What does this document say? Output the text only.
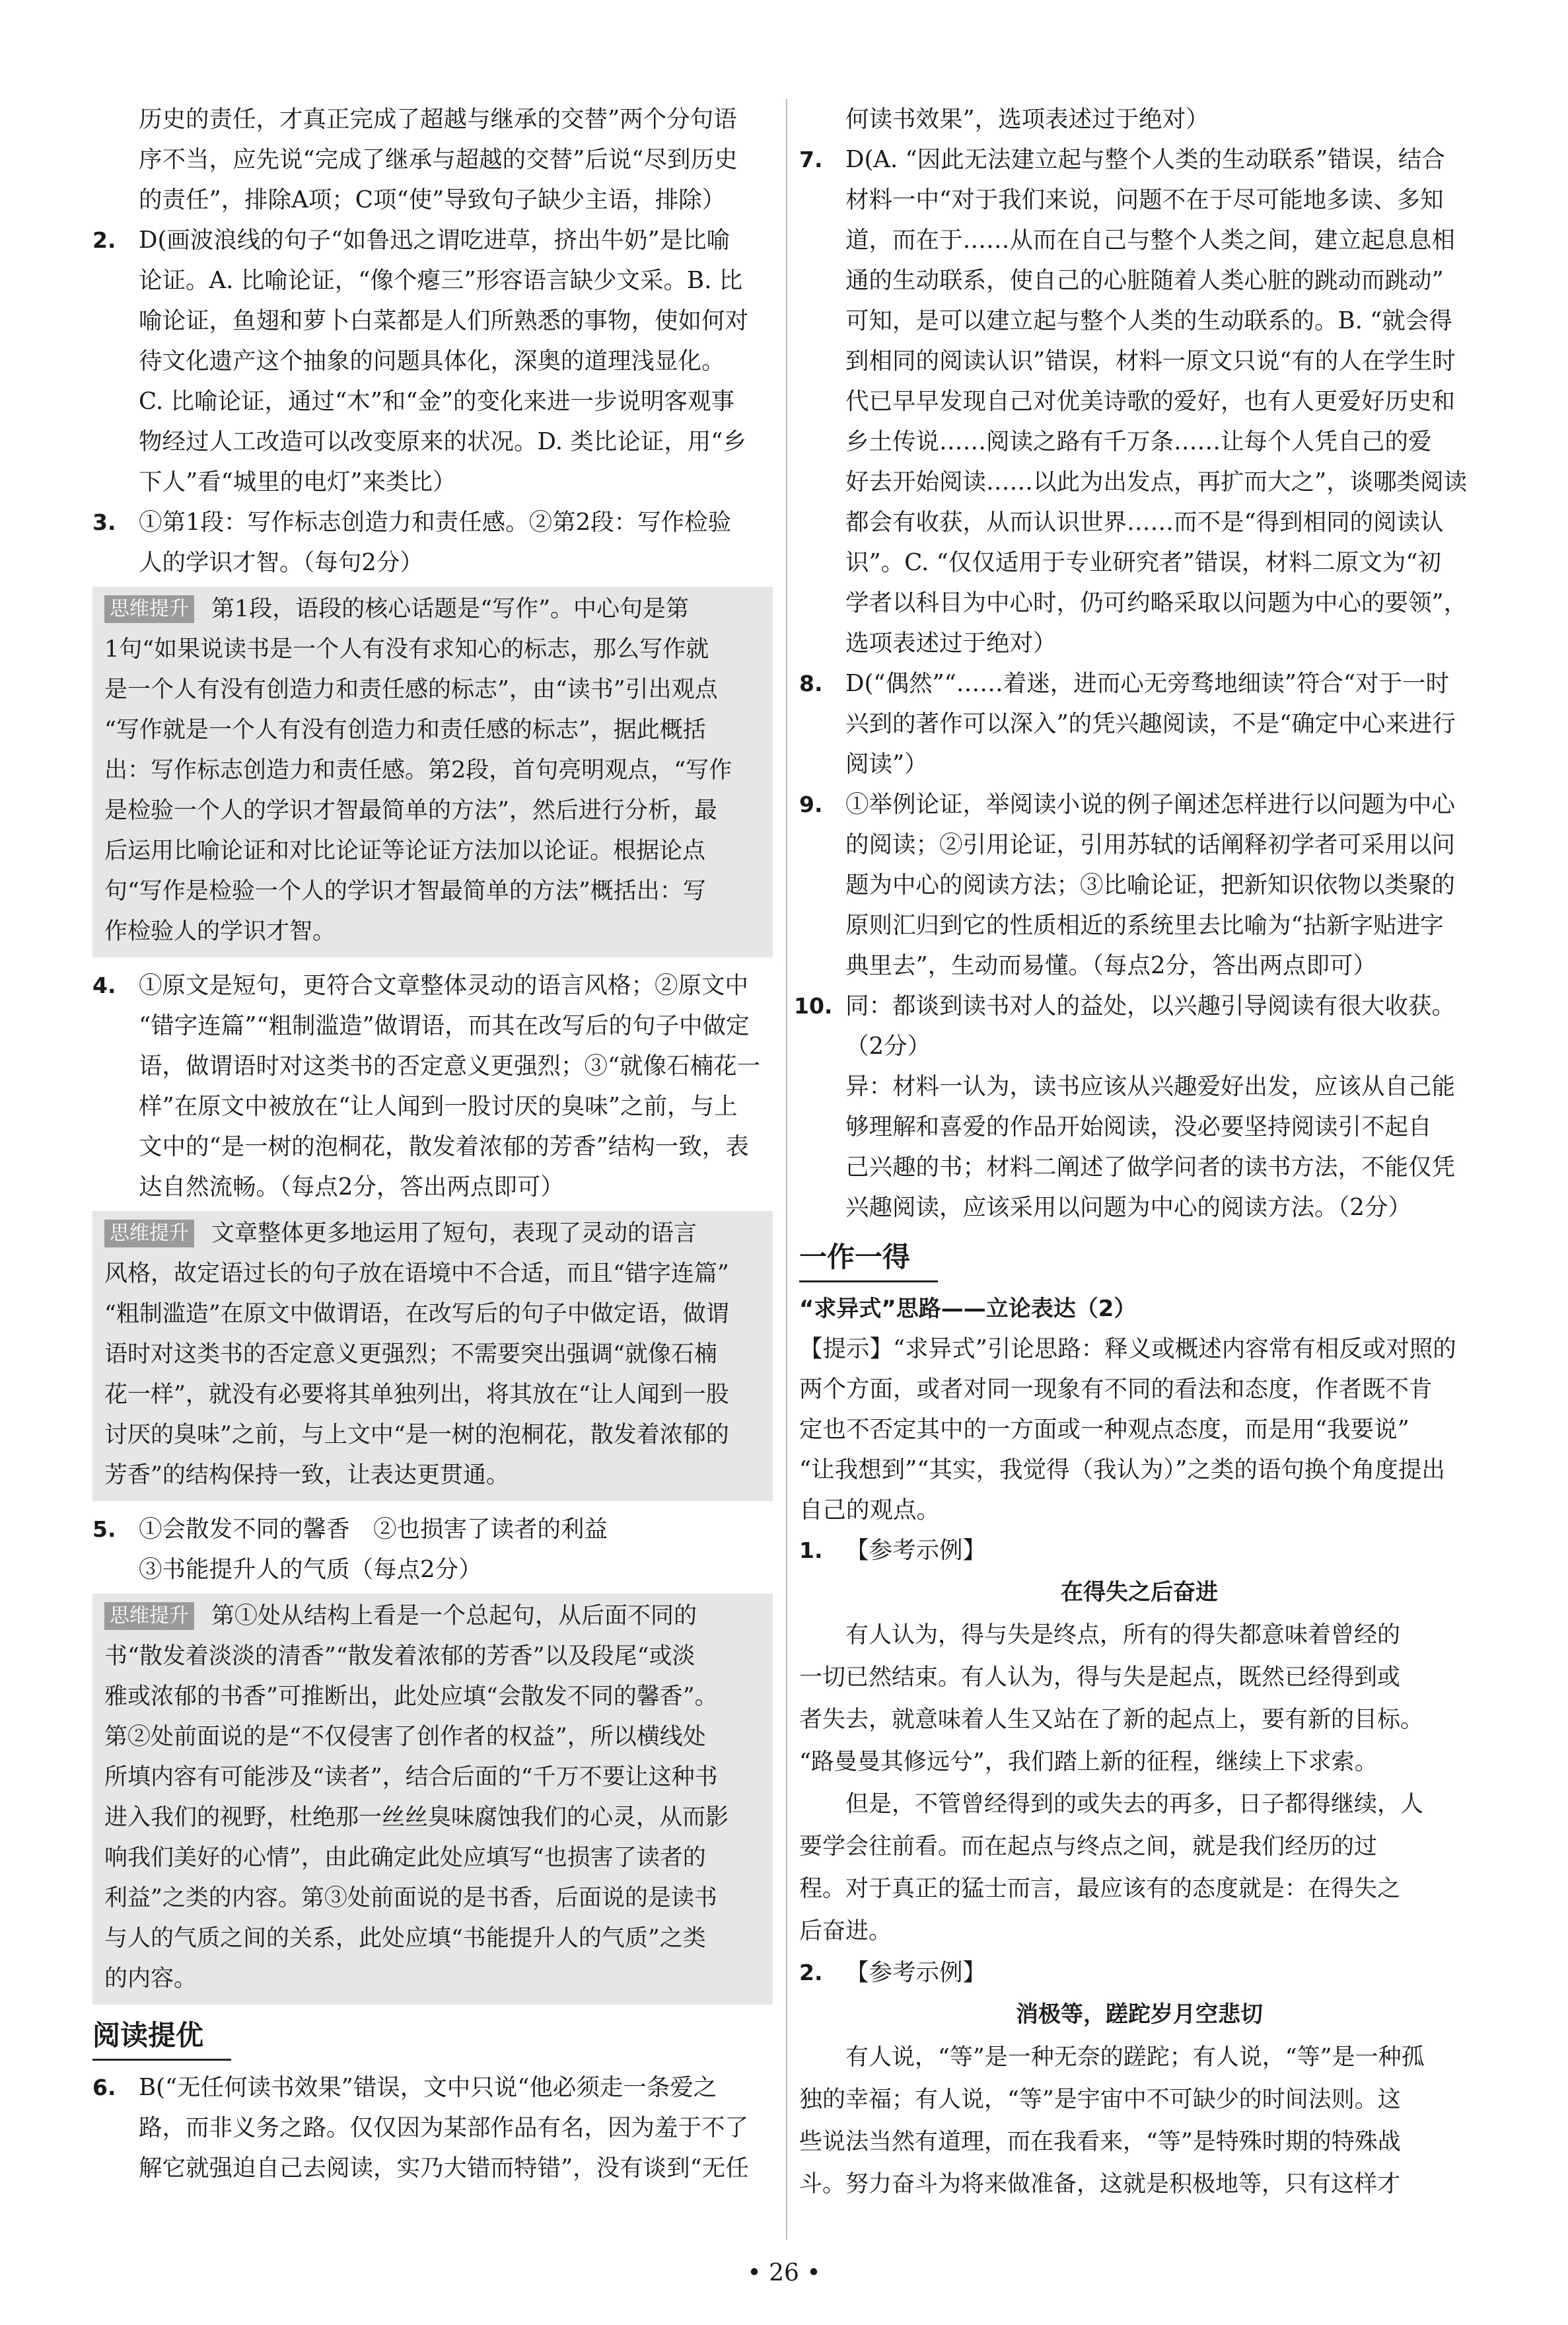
历史的责任，才真正完成了超越与继承的交替”两个分句语

序不当，应先说“完成了继承与超越的交替”后说“尽到历史

的责任”，排除A项；C项“使”导致句子缺少主语，排除）

2. D(画波浪线的句子“如鲁迅之谓吃进草，挤出牛奶”是比喻
论证。A. 比喻论证，“像个瘪三”形容语言缺少文采。B. 比
喻论证，鱼翅和萝卜白菜都是人们所熟悉的事物，使如何对
待文化遗产这个抽象的问题具体化，深奥的道理浅显化。
C. 比喻论证，通过“木”和“金”的变化来进一步说明客观事
物经过人工改造可以改变原来的状况。D. 类比论证，用“乡
下人”看“城里的电灯”来类比）
3. ①第1段：写作标志创造力和责任感。②第2段：写作检验
人的学识才智。（每句2分）
思维提升 第1段，语段的核心话题是“写作”。中心句是第

1句“如果说读书是一个人有没有求知心的标志，那么写作就

是一个人有没有创造力和责任感的标志”，由“读书”引出观点

“写作就是一个人有没有创造力和责任感的标志”，据此概括

出：写作标志创造力和责任感。第2段，首句亮明观点，“写作

是检验一个人的学识才智最简单的方法”，然后进行分析，最

后运用比喻论证和对比论证等论证方法加以论证。根据论点

句“写作是检验一个人的学识才智最简单的方法”概括出：写

作检验人的学识才智。

4. ①原文是短句，更符合文章整体灵动的语言风格；②原文中
“错字连篇”“粗制滥造”做谓语，而其在改写后的句子中做定
语，做谓语时对这类书的否定意义更强烈；③“就像石楠花一
样”在原文中被放在“让人闻到一股讨厌的臭味”之前，与上
文中的“是一树的泡桐花，散发着浓郁的芳香”结构一致，表
达自然流畅。（每点2分，答出两点即可）
思维提升 文章整体更多地运用了短句，表现了灵动的语言

风格，故定语过长的句子放在语境中不合适，而且“错字连篇”

“粗制滥造”在原文中做谓语，在改写后的句子中做定语，做谓

语时对这类书的否定意义更强烈；不需要突出强调“就像石楠

花一样”，就没有必要将其单独列出，将其放在“让人闻到一股

讨厌的臭味”之前，与上文中“是一树的泡桐花，散发着浓郁的

芳香”的结构保持一致，让表达更贯通。

5. ①会散发不同的馨香　②也损害了读者的利益
③书能提升人的气质（每点2分）
思维提升 第①处从结构上看是一个总起句，从后面不同的

书“散发着淡淡的清香”“散发着浓郁的芳香”以及段尾“或淡

雅或浓郁的书香”可推断出，此处应填“会散发不同的馨香”。

第②处前面说的是“不仅侵害了创作者的权益”，所以横线处

所填内容有可能涉及“读者”，结合后面的“千万不要让这种书

进入我们的视野，杜绝那一丝丝臭味腐蚀我们的心灵，从而影

响我们美好的心情”，由此确定此处应填写“也损害了读者的

利益”之类的内容。第③处前面说的是书香，后面说的是读书

与人的气质之间的关系，此处应填“书能提升人的气质”之类

的内容。

阅读提优
6. B(“无任何读书效果”错误，文中只说“他必须走一条爱之
路，而非义务之路。仅仅因为某部作品有名，因为羞于不了
解它就强迫自己去阅读，实乃大错而特错”，没有谈到“无任

何读书效果”，选项表述过于绝对）

7. D(A. “因此无法建立起与整个人类的生动联系”错误，结合
材料一中“对于我们来说，问题不在于尽可能地多读、多知
道，而在于……从而在自己与整个人类之间，建立起息息相
通的生动联系，使自己的心脏随着人类心脏的跳动而跳动”
可知，是可以建立起与整个人类的生动联系的。B. “就会得
到相同的阅读认识”错误，材料一原文只说“有的人在学生时
代已早早发现自己对优美诗歌的爱好，也有人更爱好历史和
乡土传说……阅读之路有千万条……让每个人凭自己的爱
好去开始阅读……以此为出发点，再扩而大之”，谈哪类阅读
都会有收获，从而认识世界……而不是“得到相同的阅读认
识”。C. “仅仅适用于专业研究者”错误，材料二原文为“初
学者以科目为中心时，仍可约略采取以问题为中心的要领”，
选项表述过于绝对）
8. D(“偶然”“……着迷，进而心无旁骛地细读”符合“对于一时
兴到的著作可以深入”的凭兴趣阅读，不是“确定中心来进行
阅读”）
9. ①举例论证，举阅读小说的例子阐述怎样进行以问题为中心
的阅读；②引用论证，引用苏轼的话阐释初学者可采用以问
题为中心的阅读方法；③比喻论证，把新知识依物以类聚的
原则汇归到它的性质相近的系统里去比喻为“拈新字贴进字
典里去”，生动而易懂。（每点2分，答出两点即可）
10. 同：都谈到读书对人的益处，以兴趣引导阅读有很大收获。
（2分）
异：材料一认为，读书应该从兴趣爱好出发，应该从自己能
够理解和喜爱的作品开始阅读，没必要坚持阅读引不起自
己兴趣的书；材料二阐述了做学问者的读书方法，不能仅凭
兴趣阅读，应该采用以问题为中心的阅读方法。（2分）
一作一得

“求异式”思路——立论表达（2）

【提示】“求异式”引论思路：释义或概述内容常有相反或对照的

两个方面，或者对同一现象有不同的看法和态度，作者既不肯

定也不否定其中的一方面或一种观点态度，而是用“我要说”

“让我想到”“其实，我觉得（我认为）”之类的语句换个角度提出

自己的观点。

1. 【参考示例】

在得失之后奋进

有人认为，得与失是终点，所有的得失都意味着曾经的

一切已然结束。有人认为，得与失是起点，既然已经得到或

者失去，就意味着人生又站在了新的起点上，要有新的目标。

“路曼曼其修远兮”，我们踏上新的征程，继续上下求索。

但是，不管曾经得到的或失去的再多，日子都得继续，人

要学会往前看。而在起点与终点之间，就是我们经历的过

程。对于真正的猛士而言，最应该有的态度就是：在得失之

后奋进。

2. 【参考示例】

消极等，蹉跎岁月空悲切

有人说，“等”是一种无奈的蹉跎；有人说，“等”是一种孤

独的幸福；有人说，“等”是宇宙中不可缺少的时间法则。这

些说法当然有道理，而在我看来，“等”是特殊时期的特殊战

斗。努力奋斗为将来做准备，这就是积极地等，只有这样才

• 26 •
